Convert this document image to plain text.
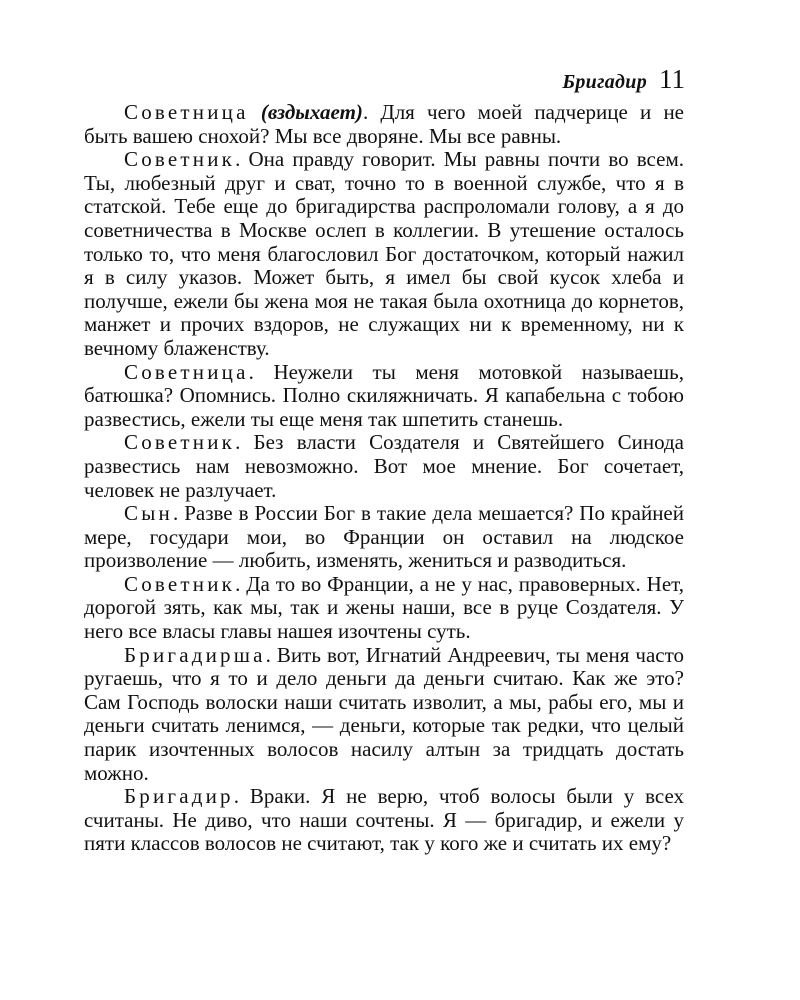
Бригадир 11

Советница (вздыхает). Для чего моей падчерице и не быть вашею снохой? Мы все дворяне. Мы все равны.

Советник. Она правду говорит. Мы равны почти во всем. Ты, любезный друг и сват, точно то в военной службе, что я в статской. Тебе еще до бригадирства распроломали голову, а я до советничества в Москве ослеп в коллегии. В утешение осталось только то, что меня благословил Бог достаточком, который нажил я в силу указов. Может быть, я имел бы свой кусок хлеба и получше, ежели бы жена моя не такая была охотница до корнетов, манжет и прочих вздоров, не служащих ни к временному, ни к вечному блаженству.

Советница. Неужели ты меня мотовкой называешь, батюшка? Опомнись. Полно скиляжничать. Я капабельна с тобою развестись, ежели ты еще меня так шпетить станешь.

Советник. Без власти Создателя и Святейшего Синода развестись нам невозможно. Вот мое мнение. Бог сочетает, человек не разлучает.

Сын. Разве в России Бог в такие дела мешается? По крайней мере, государи мои, во Франции он оставил на людское произволение — любить, изменять, жениться и разводиться.

Советник. Да то во Франции, а не у нас, правоверных. Нет, дорогой зять, как мы, так и жены наши, все в руце Создателя. У него все власы главы нашея изочтены суть.

Бригадирша. Вить вот, Игнатий Андреевич, ты меня часто ругаешь, что я то и дело деньги да деньги считаю. Как же это? Сам Господь волоски наши считать изволит, а мы, рабы его, мы и деньги считать ленимся, — деньги, которые так редки, что целый парик изочтенных волосов насилу алтын за тридцать достать можно.

Бригадир. Враки. Я не верю, чтоб волосы были у всех считаны. Не диво, что наши сочтены. Я — бригадир, и ежели у пяти классов волосов не считают, так у кого же и считать их ему?
